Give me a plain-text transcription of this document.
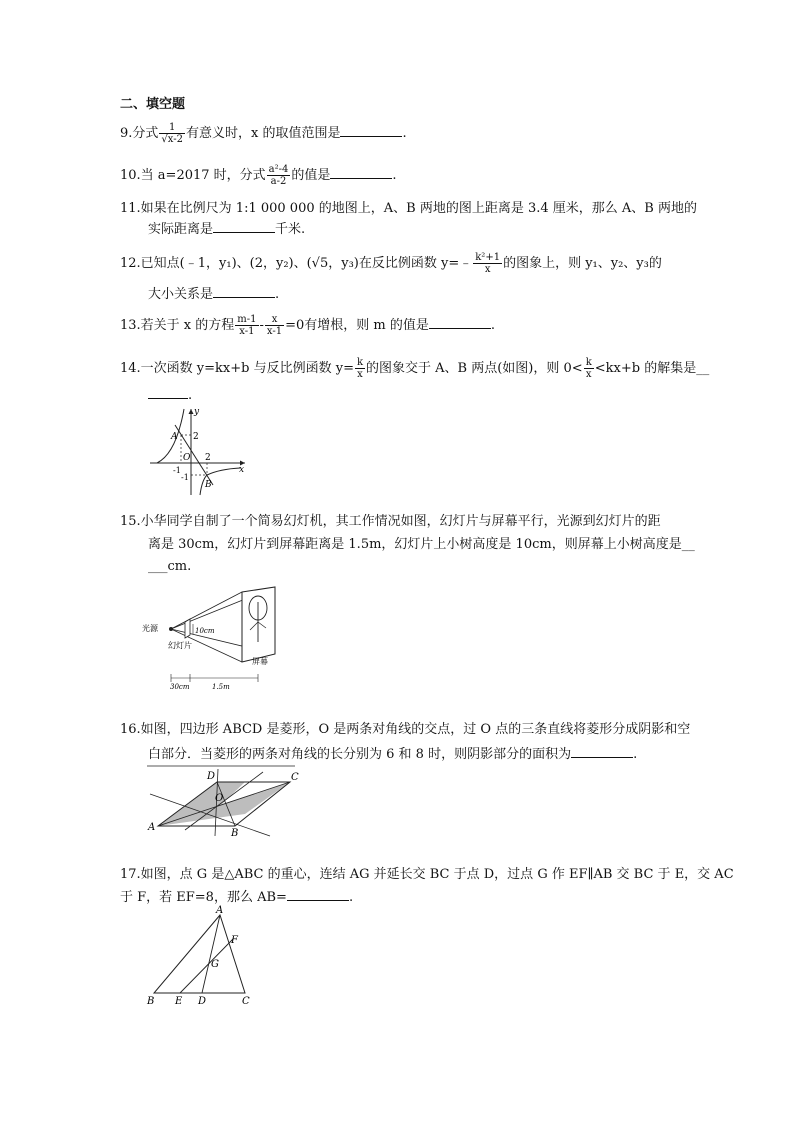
二、填空题
9.分式 $\frac{1}{√x-2}$ 有意义时，x 的取值范围是	.
10.当 a=2017 时，分式 $\frac{\text{a²-4}}{a-2}$ 的值是	.
11.如果在比例尺为 1:1 000 000 的地图上，A、B 两地的图上距离是 3.4 厘米，那么 A、B 两地的
实际距离是	千米.
12.已知点(﹣1，y₁)、(2，y₂)、(√5，y₃)在反比例函数 y=﹣ $\frac{\text{k²+1}}{x}$ 的图象上，则 y₁、y₂、y₃的
大小关系是	.
13.若关于 x 的方程 $\frac{m-1}{x-1} - \frac{x}{x-1} =0$有增根，则 m 的值是	.
14.一次函数 y=kx+b 与反比例函数 $y= \frac{k}{x}$ 的图象交于 A、B 两点(如图)，则 $0< \frac{k}{x} <kx+b$ 的解集是__
.
y
A 2
O
-1
2
-1
B
x
15.小华同学自制了一个简易幻灯机，其工作情况如图，幻灯片与屏幕平行，光源到幻灯片的距
离是 30cm，幻灯片到屏幕距离是 1.5m，幻灯片上小树高度是 10cm，则屏幕上小树高度是__
___cm.
光源	10cm
幻灯片
屏幕
30cm	1.5m
16.如图，四边形 ABCD 是菱形，O 是两条对角线的交点，过 O 点的三条直线将菱形分成阴影和空
白部分．当菱形的两条对角线的长分别为 6 和 8 时，则阴影部分的面积为	.
D	C
O
A
B
17.如图，点 G 是△ABC 的重心，连结 AG 并延长交 BC 于点 D，过点 G 作 EF∥AB 交 BC 于 E，交 AC
于 F，若 EF=8，那么 AB=	.
A
F
G
B E D	C
